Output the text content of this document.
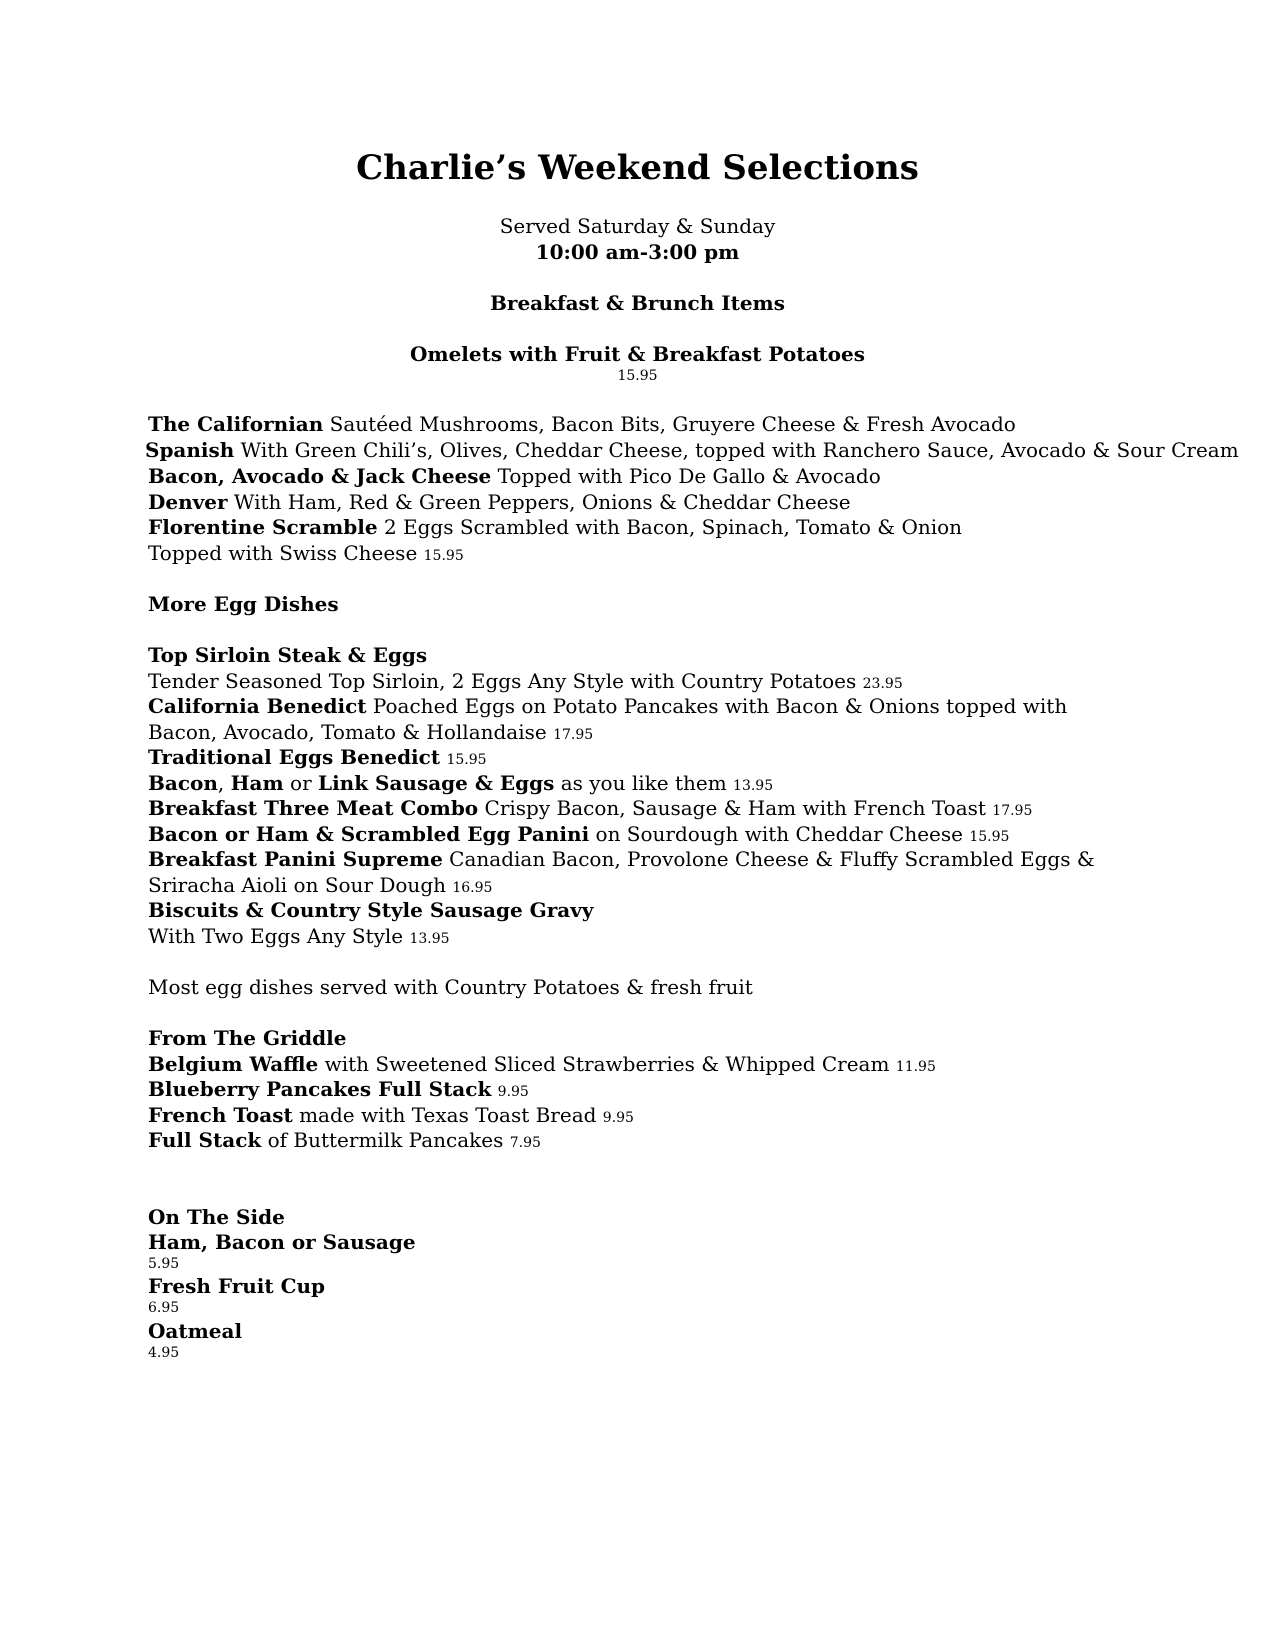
Charlie’s Weekend Selections
Served Saturday & Sunday
10:00 am-3:00 pm
Breakfast & Brunch Items
Omelets with Fruit & Breakfast Potatoes
15.95
The Californian Sautéed Mushrooms, Bacon Bits, Gruyere Cheese & Fresh Avocado
Spanish With Green Chili’s, Olives, Cheddar Cheese, topped with Ranchero Sauce, Avocado & Sour Cream
Bacon, Avocado & Jack Cheese Topped with Pico De Gallo & Avocado
Denver With Ham, Red & Green Peppers, Onions & Cheddar Cheese
Florentine Scramble 2 Eggs Scrambled with Bacon, Spinach, Tomato & Onion
Topped with Swiss Cheese 15.95
More Egg Dishes
Top Sirloin Steak & Eggs
Tender Seasoned Top Sirloin, 2 Eggs Any Style with Country Potatoes 23.95
California Benedict Poached Eggs on Potato Pancakes with Bacon & Onions topped with
Bacon, Avocado, Tomato & Hollandaise 17.95
Traditional Eggs Benedict 15.95
Bacon, Ham or Link Sausage & Eggs as you like them 13.95
Breakfast Three Meat Combo Crispy Bacon, Sausage & Ham with French Toast 17.95
Bacon or Ham & Scrambled Egg Panini on Sourdough with Cheddar Cheese 15.95
Breakfast Panini Supreme Canadian Bacon, Provolone Cheese & Fluffy Scrambled Eggs &
Sriracha Aioli on Sour Dough 16.95
Biscuits & Country Style Sausage Gravy
With Two Eggs Any Style 13.95
Most egg dishes served with Country Potatoes & fresh fruit
From The Griddle
Belgium Waffle with Sweetened Sliced Strawberries & Whipped Cream 11.95
Blueberry Pancakes Full Stack 9.95
French Toast made with Texas Toast Bread 9.95
Full Stack of Buttermilk Pancakes 7.95
On The Side
Ham, Bacon or Sausage
5.95
Fresh Fruit Cup
6.95
Oatmeal
4.95
